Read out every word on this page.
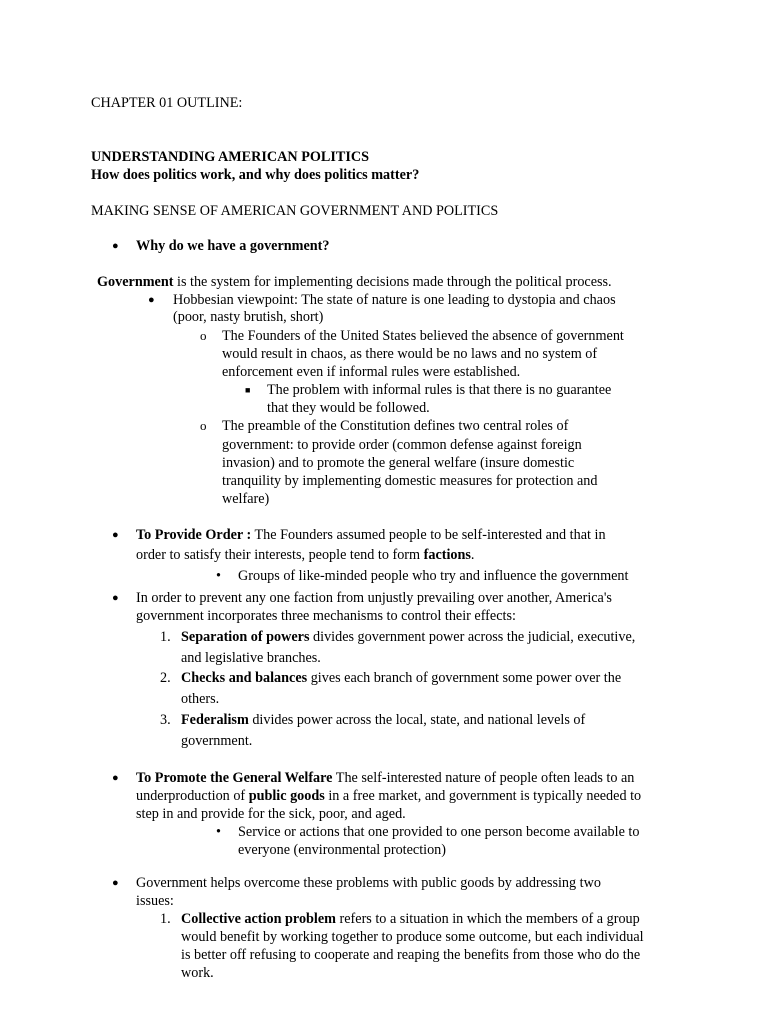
CHAPTER 01 OUTLINE:
UNDERSTANDING AMERICAN POLITICS
How does politics work, and why does politics matter?
MAKING SENSE OF AMERICAN GOVERNMENT AND POLITICS
● Why do we have a government?
Government is the system for implementing decisions made through the political process.
● Hobbesian viewpoint: The state of nature is one leading to dystopia and chaos
(poor, nasty brutish, short)
o The Founders of the United States believed the absence of government
would result in chaos, as there would be no laws and no system of
enforcement even if informal rules were established.
■ The problem with informal rules is that there is no guarantee
that they would be followed.
o The preamble of the Constitution defines two central roles of
government: to provide order (common defense against foreign
invasion) and to promote the general welfare (insure domestic
tranquility by implementing domestic measures for protection and
welfare)
● To Provide Order : The Founders assumed people to be self-interested and that in
order to satisfy their interests, people tend to form factions.
• Groups of like-minded people who try and influence the government
● In order to prevent any one faction from unjustly prevailing over another, America's
government incorporates three mechanisms to control their effects:
1. Separation of powers divides government power across the judicial, executive,
and legislative branches.
2. Checks and balances gives each branch of government some power over the
others.
3. Federalism divides power across the local, state, and national levels of
government.
● To Promote the General Welfare The self-interested nature of people often leads to an
underproduction of public goods in a free market, and government is typically needed to
step in and provide for the sick, poor, and aged.
• Service or actions that one provided to one person become available to
everyone (environmental protection)
● Government helps overcome these problems with public goods by addressing two
issues:
1. Collective action problem refers to a situation in which the members of a group
would benefit by working together to produce some outcome, but each individual
is better off refusing to cooperate and reaping the benefits from those who do the
work.
